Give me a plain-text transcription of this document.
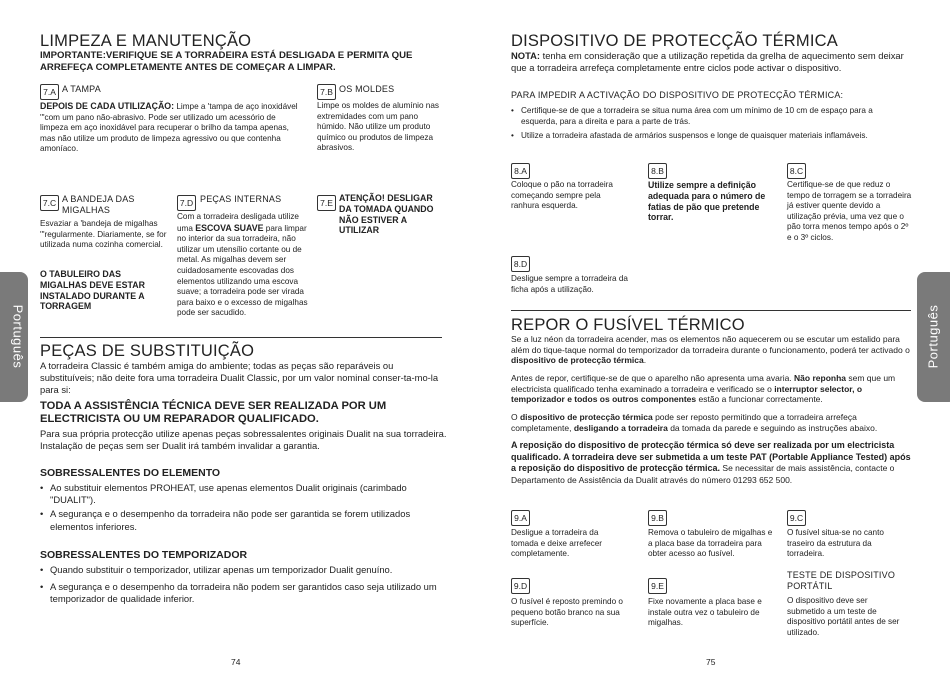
Português
LIMPEZA E MANUTENÇÃO
IMPORTANTE:VERIFIQUE SE A TORRADEIRA ESTÁ DESLIGADA E PERMITA QUE ARREFEÇA COMPLETAMENTE ANTES DE COMEÇAR A LIMPAR.
7.A A TAMPA
DEPOIS DE CADA UTILIZAÇÃO: Limpe a 'tampa de aço inoxidável '"com um pano não-abrasivo. Pode ser utilizado um acessório de limpeza em aço inoxidável para recuperar o brilho da tampa apenas, mas não utilize um produto de limpeza agressivo ou que contenha amoníaco.
7.B OS MOLDES
Limpe os moldes de alumínio nas extremidades com um pano húmido. Não utilize um produto químico ou produtos de limpeza abrasivos.
7.C A BANDEJA DAS
MIGALHAS
Esvaziar a 'bandeja de migalhas '"regularmente. Diariamente, se for utilizada numa cozinha comercial.
O TABULEIRO DAS MIGALHAS DEVE ESTAR INSTALADO DURANTE A TORRAGEM
7.D PEÇAS INTERNAS
Com a torradeira desligada utilize uma ESCOVA SUAVE para limpar no interior da sua torradeira, não utilizar um utensílio cortante ou de metal. As migalhas devem ser cuidadosamente escovadas dos elementos utilizando uma escova suave; a torradeira pode ser virada para baixo e o excesso de migalhas pode ser sacudido.
7.E ATENÇÃO! DESLIGAR DA TOMADA QUANDO NÃO ESTIVER A UTILIZAR
PEÇAS DE SUBSTITUIÇÃO
A torradeira Classic é também amiga do ambiente; todas as peças são reparáveis ou substituíveis; não deite fora uma torradeira Dualit Classic, por um valor nominal conser-ta-mo-la para si:
TODA A ASSISTÊNCIA TÉCNICA DEVE SER REALIZADA POR UM ELECTRICISTA OU UM REPARADOR QUALIFICADO.
Para sua própria protecção utilize apenas peças sobressalentes originais Dualit na sua torradeira. Instalação de peças sem ser Dualit irá também invalidar a garantia.
SOBRESSALENTES DO ELEMENTO
• Ao substituir elementos PROHEAT, use apenas elementos Dualit originais (carimbado "DUALIT").
• A segurança e o desempenho da torradeira não pode ser garantida se forem utilizados elementos inferiores.
SOBRESSALENTES DO TEMPORIZADOR
• Quando substituir o temporizador, utilizar apenas um temporizador Dualit genuíno.
• A segurança e o desempenho da torradeira não podem ser garantidos caso seja utilizado um temporizador de qualidade inferior.
74
Português
DISPOSITIVO DE PROTECÇÃO TÉRMICA
NOTA: tenha em consideração que a utilização repetida da grelha de aquecimento sem deixar que a torradeira arrefeça completamente entre ciclos pode activar o dispositivo.
PARA IMPEDIR A ACTIVAÇÃO DO DISPOSITIVO DE PROTECÇÃO TÉRMICA:
• Certifique-se de que a torradeira se situa numa área com um mínimo de 10 cm de espaço para a esquerda, para a direita e para a parte de trás.
• Utilize a torradeira afastada de armários suspensos e longe de quaisquer materiais inflamáveis.
8.A
Coloque o pão na torradeira começando sempre pela ranhura esquerda.
8.B
Utilize sempre a definição adequada para o número de fatias de pão que pretende torrar.
8.C
Certifique-se de que reduz o tempo de torragem se a torradeira já estiver quente devido a utilização prévia, uma vez que o pão torra menos tempo após o 2º e o 3º ciclos.
8.D
Desligue sempre a torradeira da ficha após a utilização.
REPOR O FUSÍVEL TÉRMICO
Se a luz néon da torradeira acender, mas os elementos não aquecerem ou se escutar um estalido para além do tique-taque normal do temporizador da torradeira durante o funcionamento, poderá ter activado o dispositivo de protecção térmica.
Antes de repor, certifique-se de que o aparelho não apresenta uma avaria. Não reponha sem que um electricista qualificado tenha examinado a torradeira e verificado se o interruptor selector, o temporizador e todos os outros componentes estão a funcionar correctamente.
O dispositivo de protecção térmica pode ser reposto permitindo que a torradeira arrefeça completamente, desligando a torradeira da tomada da parede e seguindo as instruções abaixo.
A reposição do dispositivo de protecção térmica só deve ser realizada por um electricista qualificado. A torradeira deve ser submetida a um teste PAT (Portable Appliance Tested) após a reposição do dispositivo de protecção térmica. Se necessitar de mais assistência, contacte o Departamento de Assistência da Dualit através do número 01293 652 500.
9.A
Desligue a torradeira da tomada e deixe arrefecer completamente.
9.B
Remova o tabuleiro de migalhas e a placa base da torradeira para obter acesso ao fusível.
9.C
O fusível situa-se no canto traseiro da estrutura da torradeira.
9.D
O fusível é reposto premindo o pequeno botão branco na sua superfície.
9.E
Fixe novamente a placa base e instale outra vez o tabuleiro de migalhas.
TESTE DE DISPOSITIVO PORTÁTIL
O dispositivo deve ser submetido a um teste de dispositivo portátil antes de ser utilizado.
75
